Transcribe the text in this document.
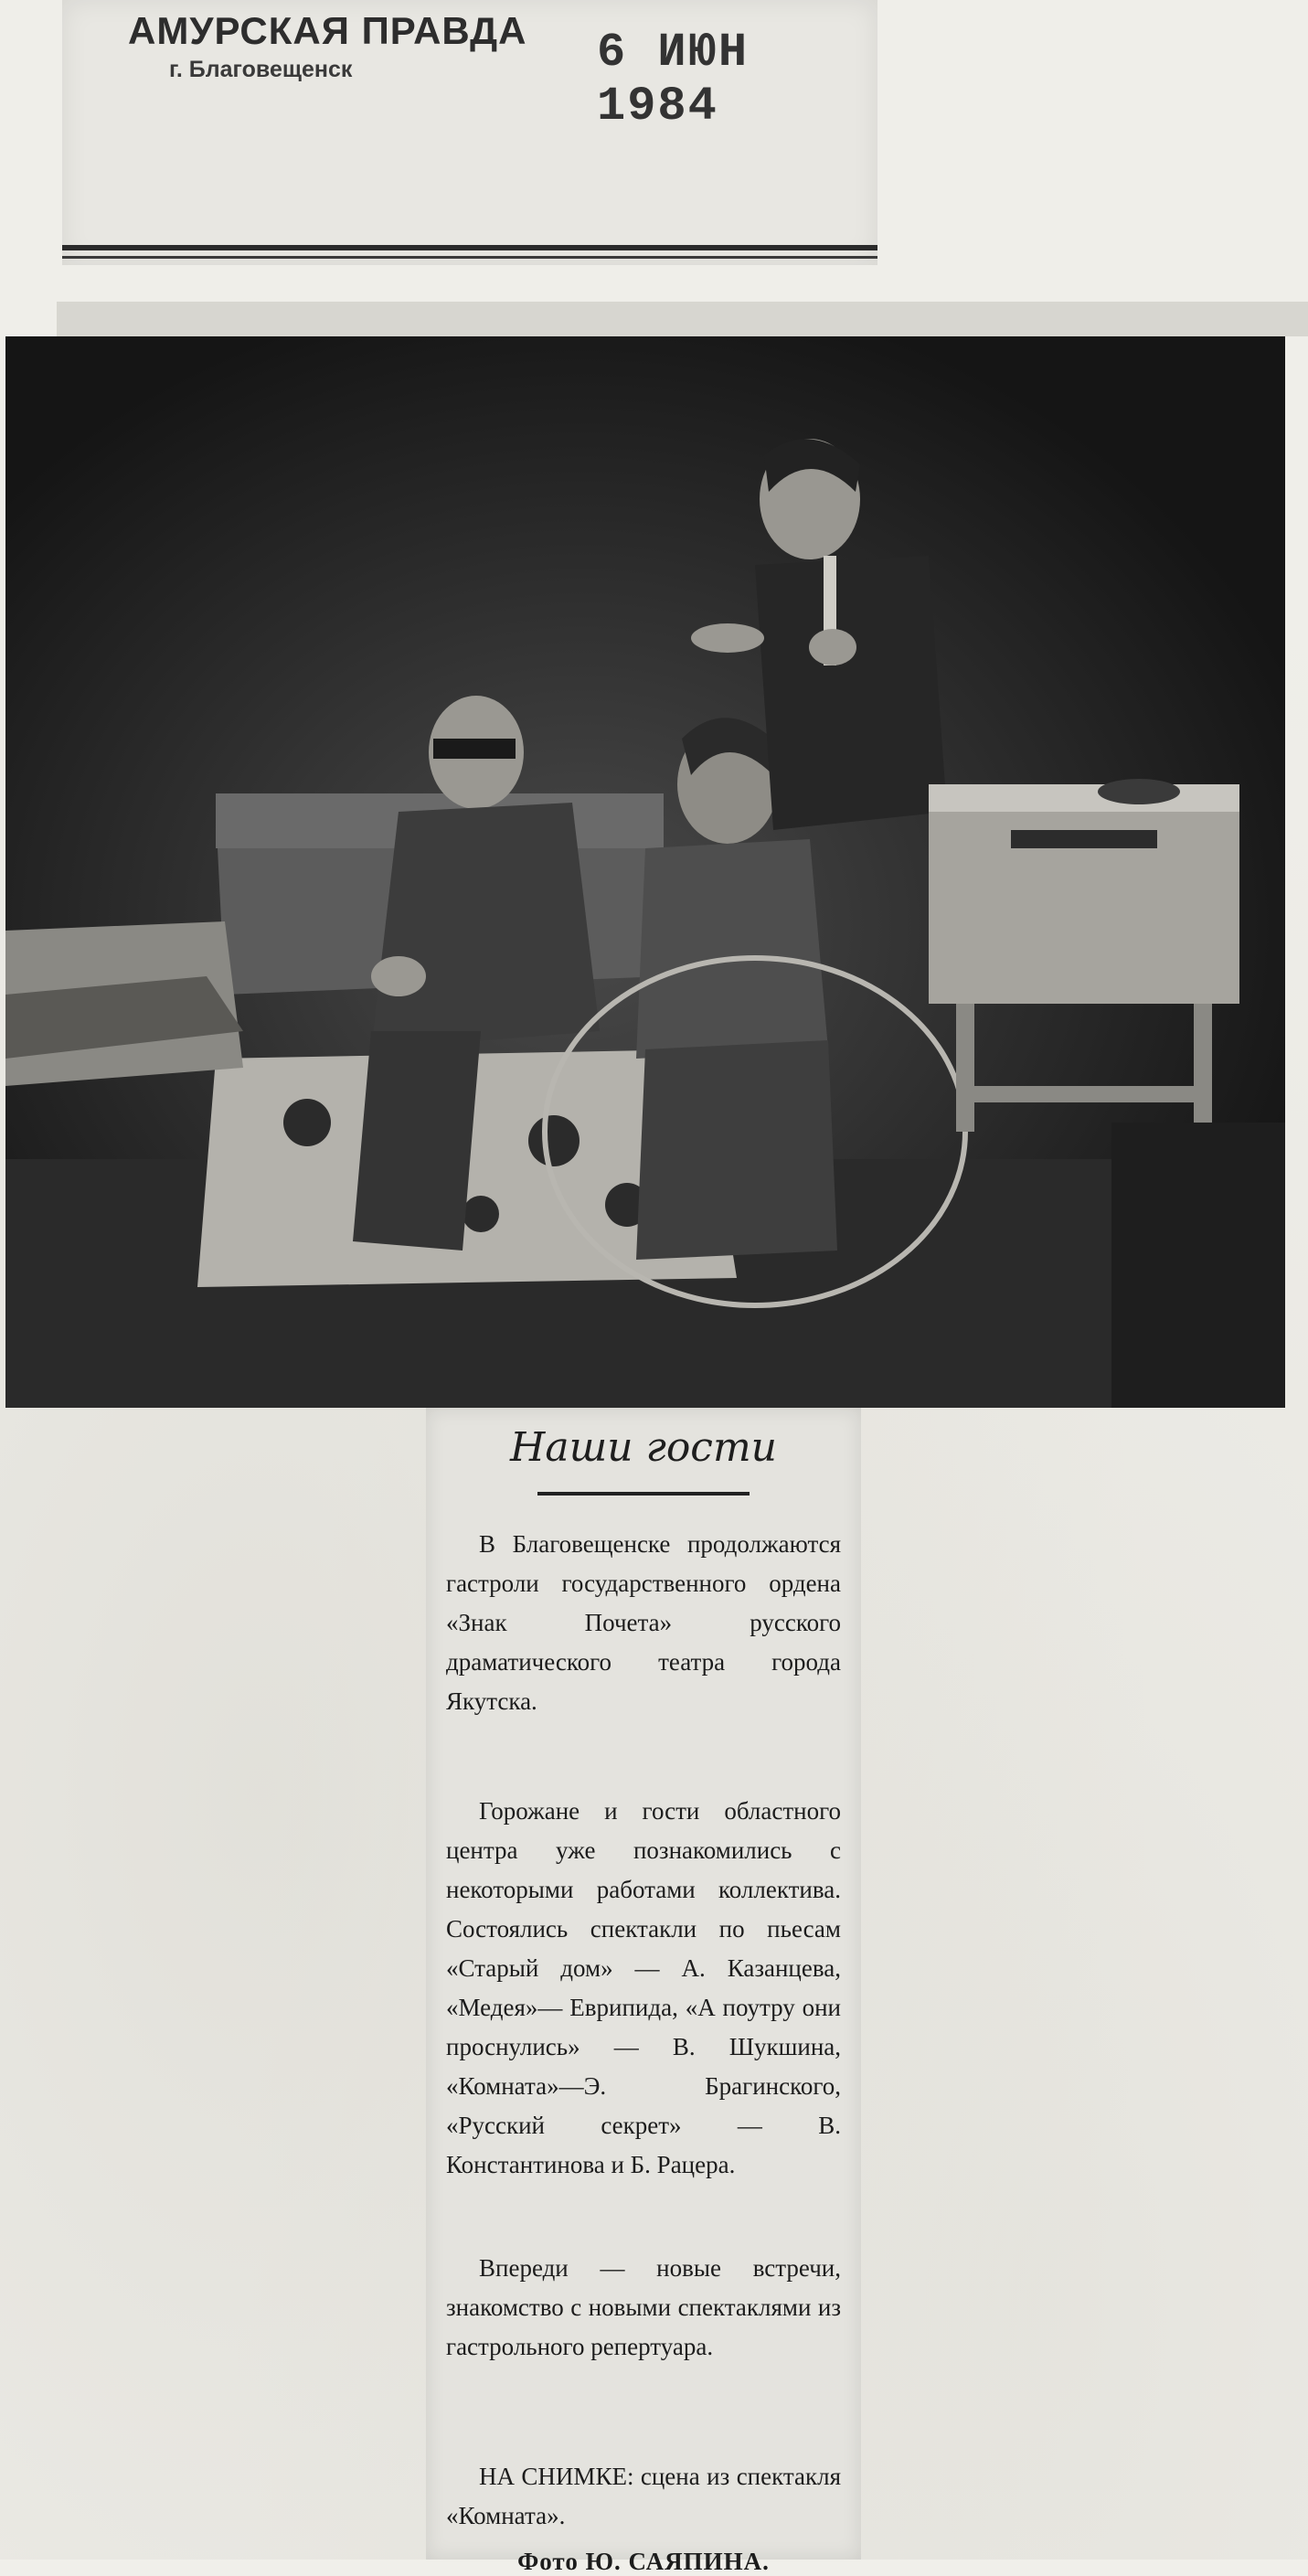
АМУРСКАЯ ПРАВДА
г. Благовещенск	6 ИЮН 1984
Наши гости

В Благовещенске продолжаются гастроли государственного ордена «Знак Почета» русского драматического театра города Якутска.

Горожане и гости областного центра уже познакомились с некоторыми работами коллектива. Состоялись спектакли по пьесам «Старый дом» — А. Казанцева, «Медея»— Еврипида, «А поутру они проснулись» — В. Шукшина, «Комната»—Э. Брагинского, «Русский секрет» — В. Константинова и Б. Рацера.

Впереди — новые встречи, знакомство с новыми спектаклями из гастрольного репертуара.

НА СНИМКЕ: сцена из спектакля «Комната».

Фото Ю. САЯПИНА.
